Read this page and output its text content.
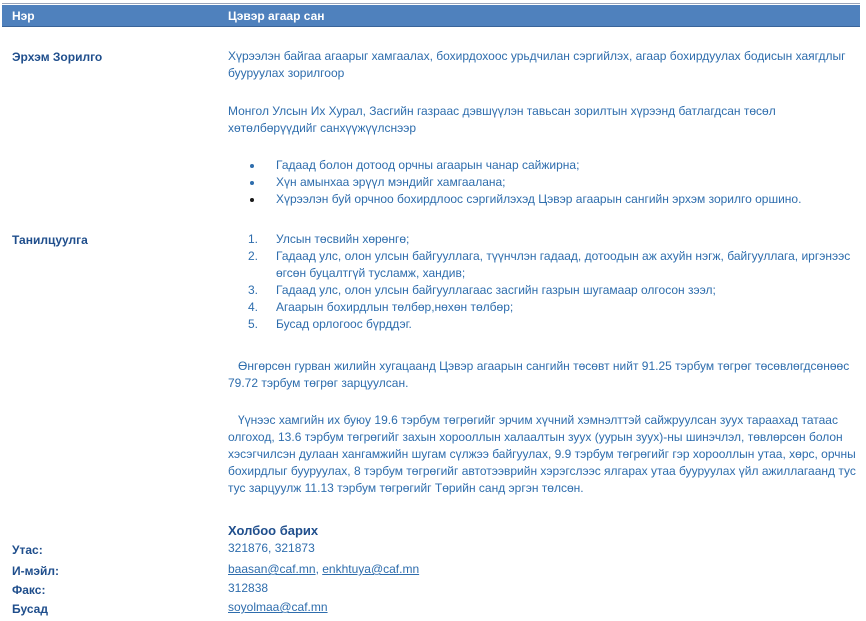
Нэр	Цэвэр агаар сан
Эрхэм Зорилго	Хүрээлэн байгаа агаарыг хамгаалах, бохирдохоос урьдчилан сэргийлэх, агаар бохирдуулах бодисын хаягдлыг бууруулах зорилгоор
Монгол Улсын Их Хурал, Засгийн газраас дэвшүүлэн тавьсан зорилтын хүрээнд батлагдсан төсөл хөтөлбөрүүдийг санхүүжүүлснээр
Гадаад болон дотоод орчны агаарын чанар сайжирна;
Хүн амынхаа эрүүл мэндийг хамгаалана;
Хүрээлэн буй орчноо бохирдлоос сэргийлэхэд Цэвэр агаарын сангийн эрхэм зорилго оршино.
Танилцуулга	1. Улсын төсвийн хөрөнгө;
2. Гадаад улс, олон улсын байгууллага, түүнчлэн гадаад, дотоодын аж ахуйн нэгж, байгууллага, иргэнээс өгсөн буцалтгүй тусламж, хандив;
3. Гадаад улс, олон улсын байгууллагаас засгийн газрын шугамаар олгосон зээл;
4. Агаарын бохирдлын төлбөр,нөхөн төлбөр;
5. Бусад орлогоос бүрддэг.
Өнгөрсөн гурван жилийн хугацаанд Цэвэр агаарын сангийн төсөвт нийт 91.25 тэрбум төгрөг төсөвлөгдсөнөөс 79.72 тэрбум төгрөг зарцуулсан.
Үүнээс хамгийн их буюу 19.6 тэрбум төгрөгийг эрчим хүчний хэмнэлттэй сайжруулсан зуух тараахад татаас олгоход, 13.6 тэрбум төгрөгийг захын хорооллын халаалтын зуух (уурын зуух)-ны шинэчлэл, төвлөрсөн болон хэсэгчилсэн дулаан хангамжийн шугам сүлжээ байгуулах, 9.9 тэрбум төгрөгийг гэр хорооллын утаа, хөрс, орчны бохирдлыг бууруулах, 8 тэрбум төгрөгийг автотээврийн хэрэгслээс ялгарах утаа бууруулах үйл ажиллагаанд тус тус зарцуулж 11.13 тэрбум төгрөгийг Төрийн санд эргэн төлсөн.
Холбоо барих
Утас:	321876, 321873
И-мэйл:	baasan@caf.mn, enkhtuya@caf.mn
Факс:	312838
Бусад	soyolmaa@caf.mn
